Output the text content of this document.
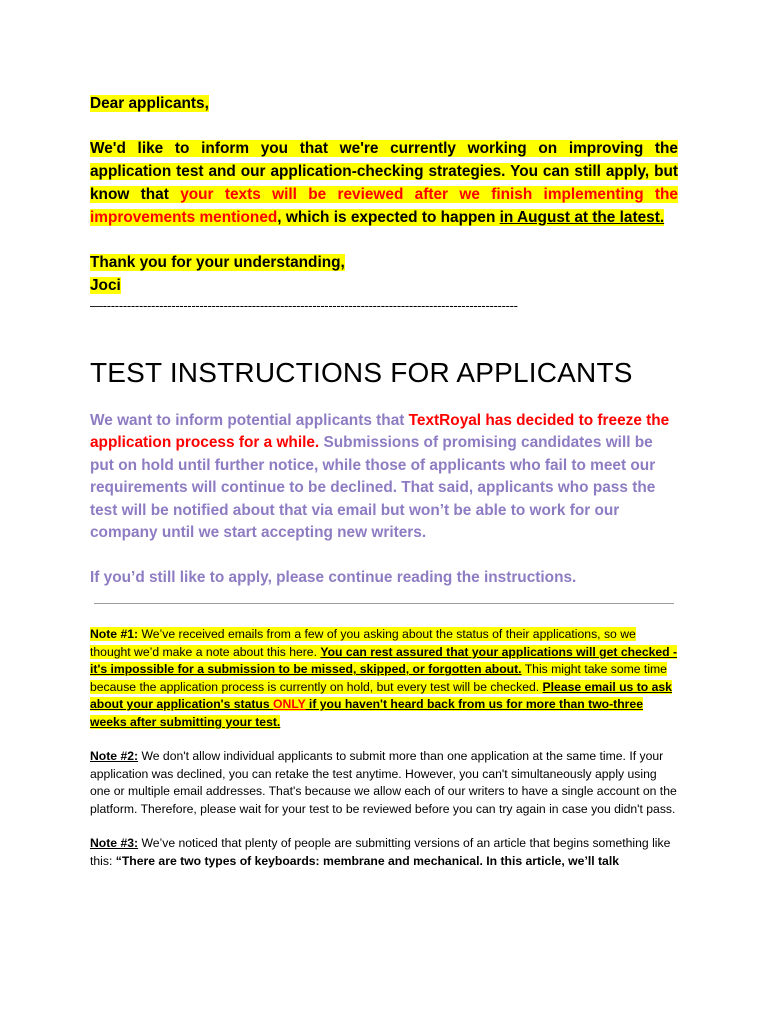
Dear applicants,

We'd like to inform you that we're currently working on improving the application test and our application-checking strategies. You can still apply, but know that your texts will be reviewed after we finish implementing the improvements mentioned, which is expected to happen in August at the latest.

Thank you for your understanding,

Joci

—-------------------------------------------------------------------------------------------------------
TEST INSTRUCTIONS FOR APPLICANTS

We want to inform potential applicants that TextRoyal has decided to freeze the application process for a while. Submissions of promising candidates will be put on hold until further notice, while those of applicants who fail to meet our requirements will continue to be declined. That said, applicants who pass the test will be notified about that via email but won’t be able to work for our company until we start accepting new writers.

If you’d still like to apply, please continue reading the instructions.

Note #1: We’ve received emails from a few of you asking about the status of their applications, so we thought we’d make a note about this here. You can rest assured that your applications will get checked - it's impossible for a submission to be missed, skipped, or forgotten about. This might take some time because the application process is currently on hold, but every test will be checked. Please email us to ask about your application's status ONLY if you haven't heard back from us for more than two-three weeks after submitting your test.

Note #2: We don't allow individual applicants to submit more than one application at the same time. If your application was declined, you can retake the test anytime. However, you can't simultaneously apply using one or multiple email addresses. That's because we allow each of our writers to have a single account on the platform. Therefore, please wait for your test to be reviewed before you can try again in case you didn't pass.

Note #3: We’ve noticed that plenty of people are submitting versions of an article that begins something like this: “There are two types of keyboards: membrane and mechanical. In this article, we’ll talk
